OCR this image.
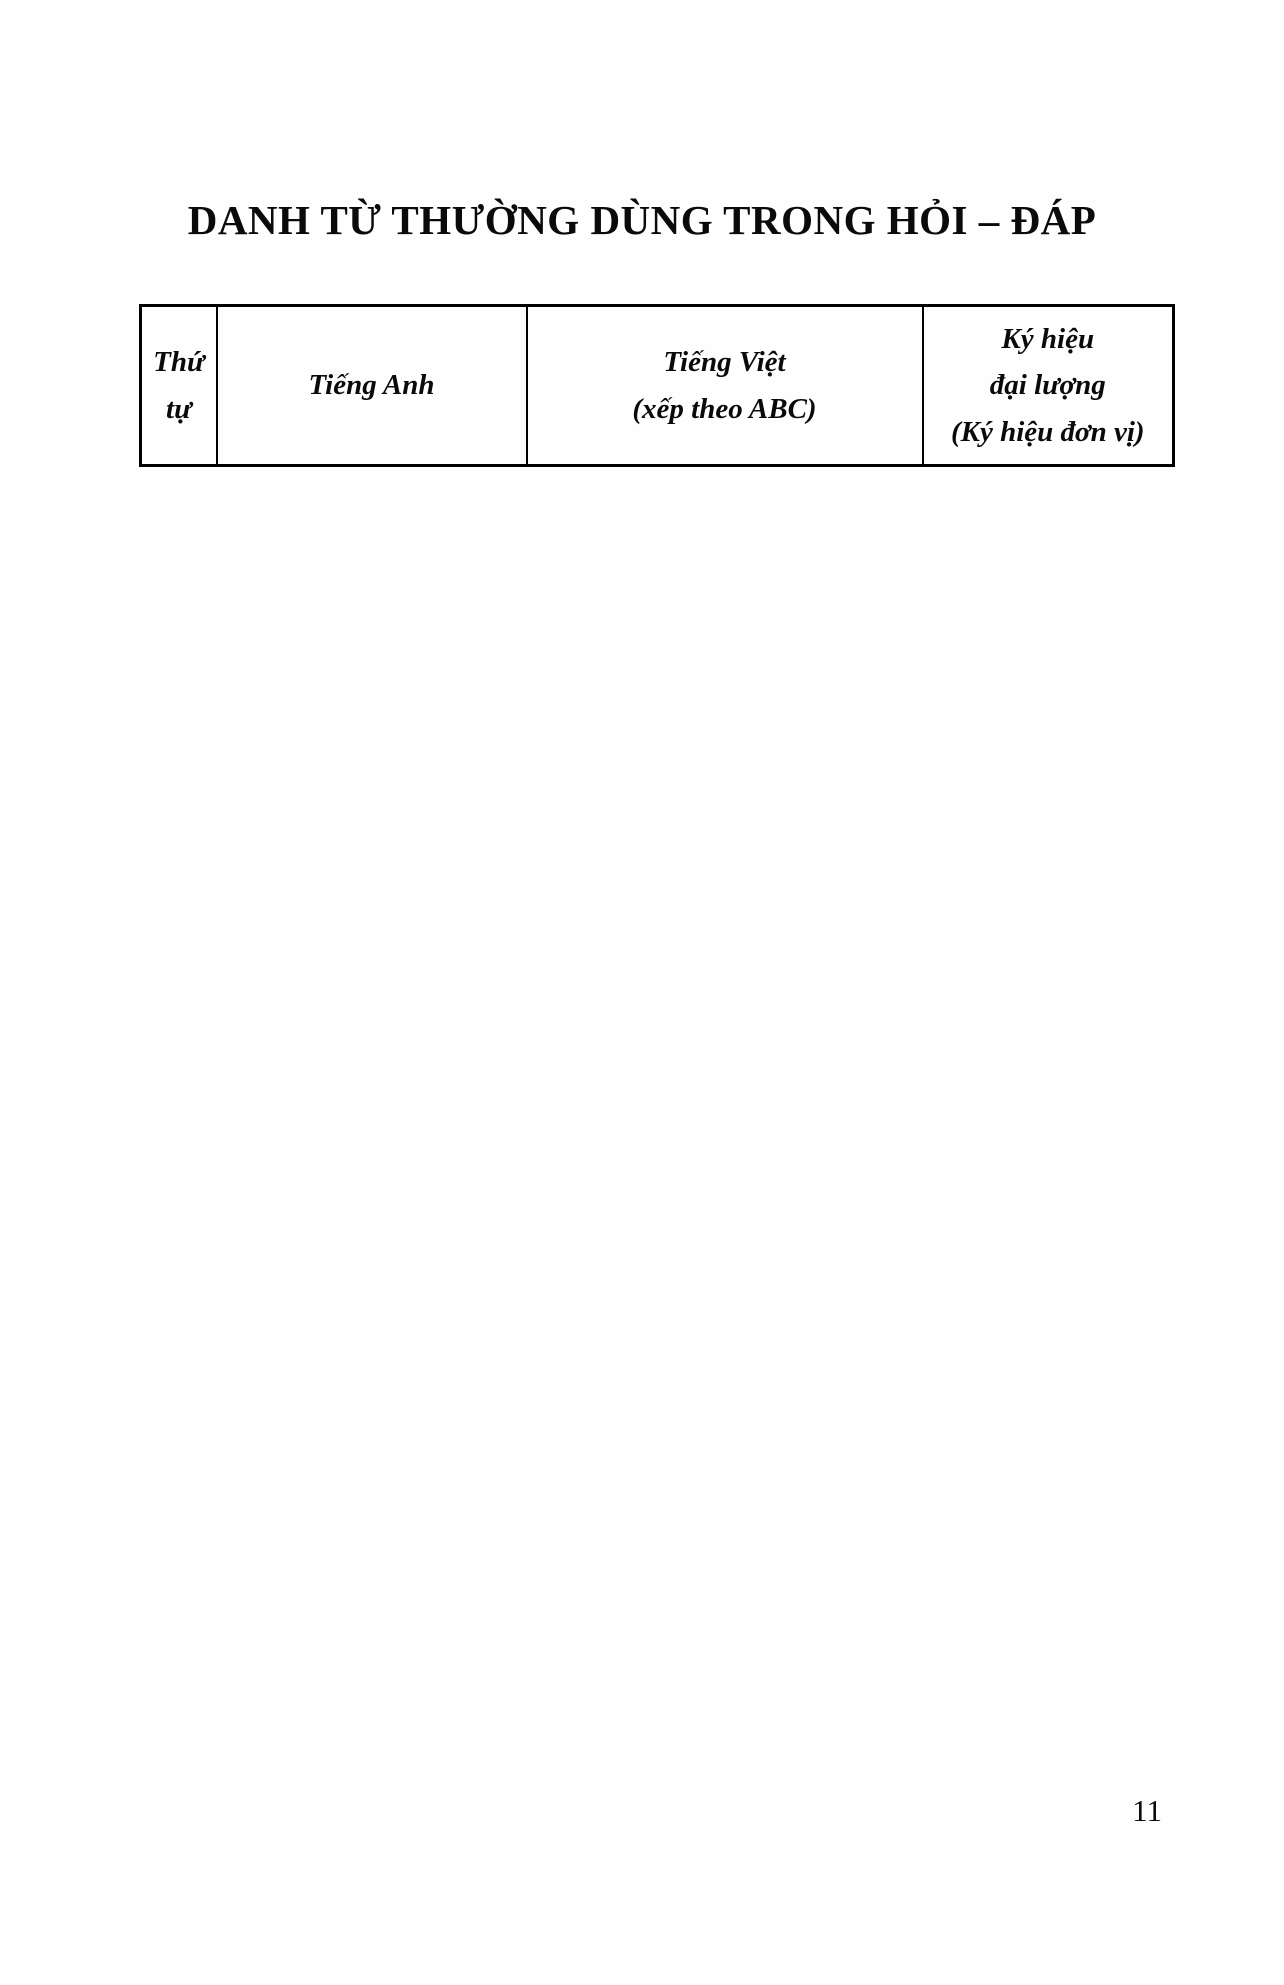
DANH TỪ THƯỜNG DÙNG TRONG HỎI – ĐÁP
Thứ tự	Tiếng Anh	
Tiếng Việt
(xếp theo ABC)

Ký hiệu
đại lượng
(Ký hiệu đơn vị)
11
